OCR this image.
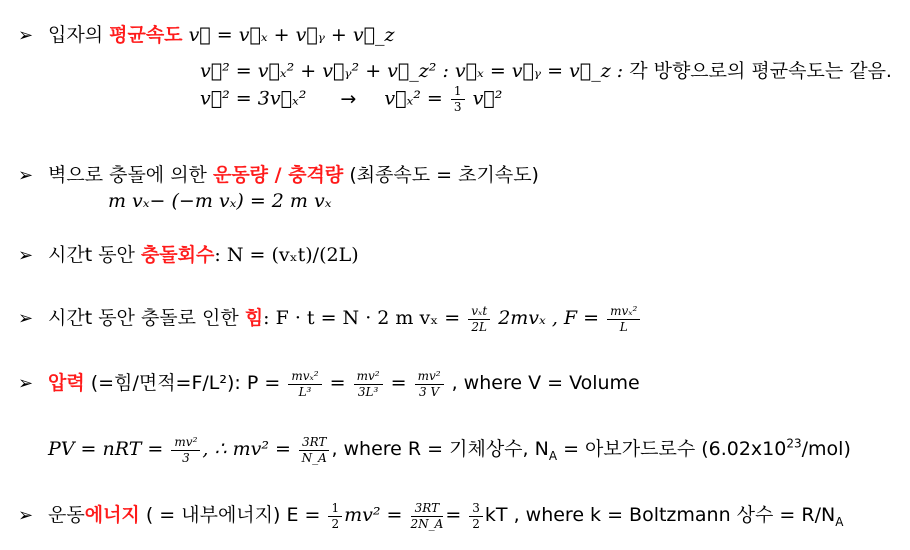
➢ 입자의 평균속도 v⃗ = v⃗ₓ + v⃗ᵧ + v⃗_z
v⃗² = v⃗ₓ² + v⃗ᵧ² + v⃗_z² : v⃗ₓ = v⃗ᵧ = v⃗_z : 각 방향으로의 평균속도는 같음.
v⃗² = 3v⃗ₓ² → v⃗ₓ² = $\frac{1}{3}$ v⃗²
➢ 벽으로 충돌에 의한 운동량 / 충격량 (최종속도 = 초기속도)
m vₓ− (−m vₓ) = 2 m vₓ
➢ 시간t 동안 충돌회수: N = (vₓt)/(2L)
➢ 시간t 동안 충돌로 인한 힘: F · t = N · 2 m $v_x = \frac{\text{vₓt}}{2L} 2mv_x$ , $F = \frac{\text{mvₓ²}}{L}$
➢ 압력 (=힘/면적=F/L²): $P = \frac{\text{mvₓ²}}{\text{L³}} = \frac{\text{mv²}}{\text{3L³}} = \frac{\text{mv²}}{3 V}$ , where V = Volume
PV = nRT = $\frac{\text{mv²}}{3}$ , ∴ $mv^2 = \frac{3RT}{N\_A}$ , where R = 기체상수, $N_A$ = 아보가드로수 $(6.02x10^{23}/mol)$
➢ 운동에너지 ( = 내부에너지) $E = \frac{1}{2} mv^2 = \frac{3RT}{2N\_A} = \frac{3}{2}$ kT , where k = Boltzmann 상수 = $R/N_A$
